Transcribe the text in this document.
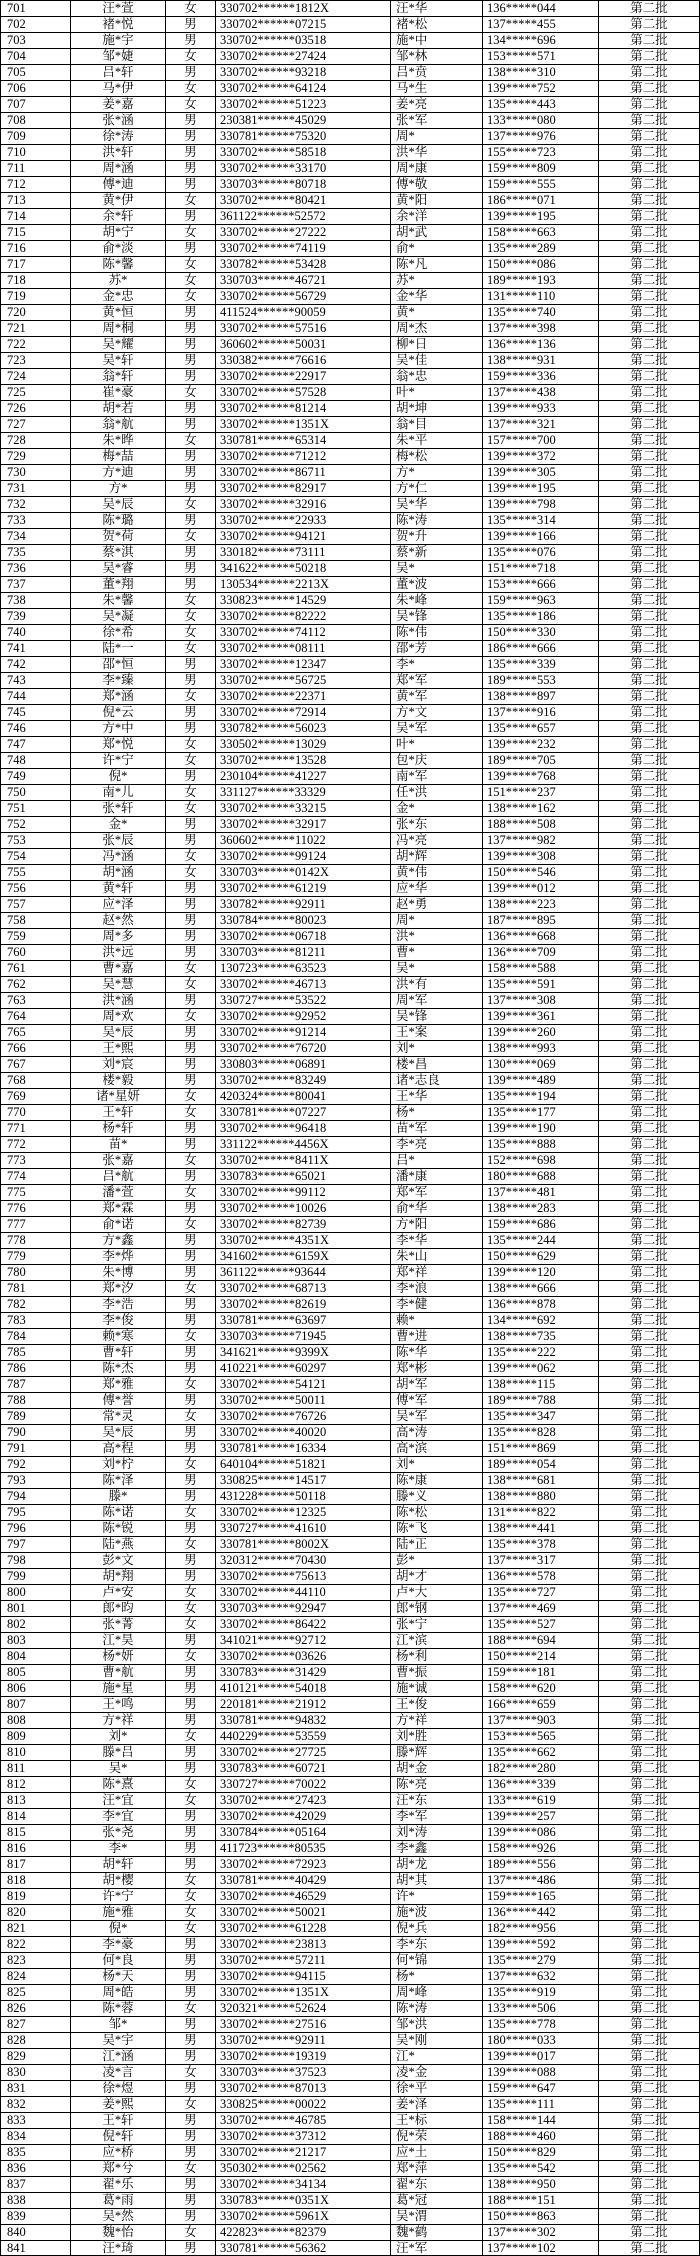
701	汪*萱	女	330702******1812X	汪*华	136*****044	第二批
702	褚*悦	男	330702******07215	褚*松	137*****455	第二批
703	施*宇	男	330702******03518	施*中	134*****696	第二批
704	邹*婕	女	330702******27424	邹*林	153*****571	第二批
705	吕*轩	男	330702******93218	吕*贲	138*****310	第二批
706	马*伊	女	330702******64124	马*生	139*****752	第二批
707	姜*嘉	女	330702******51223	姜*亮	135*****443	第二批
708	张*涵	男	230381******45029	张*军	133*****080	第二批
709	徐*涛	男	330781******75320	周*	137*****976	第二批
710	洪*轩	男	330702******58518	洪*华	155*****723	第二批
711	周*涵	男	330702******33170	周*康	159*****809	第二批
712	傅*迪	男	330703******80718	傅*敬	159*****555	第二批
713	黄*伊	女	330702******80421	黄*阳	186*****071	第二批
714	余*轩	男	361122******52572	余*洋	139*****195	第二批
715	胡*宁	女	330702******27222	胡*武	158*****663	第二批
716	俞*淡	男	330702******74119	俞*	135*****289	第二批
717	陈*馨	女	330782******53428	陈*凡	150*****086	第二批
718	苏*	女	330703******46721	苏*	189*****193	第二批
719	金*忠	女	330702******56729	金*华	131*****110	第二批
720	黄*恒	男	411524******90059	黄*	135*****740	第二批
721	周*桐	男	330702******57516	周*杰	137*****398	第二批
722	吴*耀	男	360602******50031	柳*日	136*****136	第二批
723	吴*轩	男	330382******76616	吴*佳	138*****931	第二批
724	翁*轩	男	330702******22917	翁*忠	159*****336	第二批
725	崔*豪	女	330702******57528	叶*	137*****438	第二批
726	胡*若	男	330702******81214	胡*坤	139*****933	第二批
727	翁*航	男	330702******1351X	翁*目	137*****321	第二批
728	朱*晔	女	330781******65314	朱*平	157*****700	第二批
729	梅*喆	男	330702******71212	梅*松	139*****372	第二批
730	方*迪	男	330702******86711	方*	139*****305	第二批
731	方*	男	330702******82917	方*仁	139*****195	第二批
732	吴*辰	女	330702******32916	吴*华	139*****798	第二批
733	陈*璐	男	330702******22933	陈*涛	135*****314	第二批
734	贺*荷	女	330702******94121	贺*升	139*****166	第二批
735	蔡*淇	男	330182******73111	蔡*新	135*****076	第二批
736	吴*睿	男	341622******50218	吴*	151*****718	第二批
737	董*翔	男	130534******2213X	董*波	153*****666	第二批
738	朱*馨	女	330823******14529	朱*峰	159*****963	第二批
739	吴*凝	女	330702******82222	吴*锋	135*****186	第二批
740	徐*希	女	330702******74112	陈*伟	150*****330	第二批
741	陆*一	女	330702******08111	邵*芳	186*****666	第二批
742	邵*恒	男	330702******12347	李*	135*****339	第二批
743	李*臻	男	330702******56725	郑*军	189*****553	第二批
744	郑*涵	女	330702******22371	黄*军	138*****897	第二批
745	倪*云	男	330702******72914	方*文	137*****916	第二批
746	方*中	男	330782******56023	吴*军	135*****657	第二批
747	郑*悦	女	330502******13029	叶*	139*****232	第二批
748	许*宁	女	330702******13528	包*庆	189*****705	第二批
749	倪*	男	230104******41227	南*军	139*****768	第二批
750	南*儿	女	331127******33329	任*洪	151*****237	第二批
751	张*轩	女	330702******33215	金*	138*****162	第二批
752	金*	男	330702******32917	张*东	188*****508	第二批
753	张*辰	男	360602******11022	冯*亮	137*****982	第二批
754	冯*涵	女	330702******99124	胡*辉	139*****308	第二批
755	胡*涵	女	330703******0142X	黄*伟	150*****546	第二批
756	黄*轩	男	330702******61219	应*华	139*****012	第二批
757	应*泽	男	330782******92911	赵*勇	138*****223	第二批
758	赵*然	男	330784******80023	周*	187*****895	第二批
759	周*多	男	330702******06718	洪*	136*****668	第二批
760	洪*远	男	330703******81211	曹*	136*****709	第二批
761	曹*嘉	女	130723******63523	吴*	158*****588	第二批
762	吴*慧	女	330702******46713	洪*有	135*****591	第二批
763	洪*涵	男	330727******53522	周*军	137*****308	第二批
764	周*欢	女	330702******92952	吴*锋	139*****361	第二批
765	吴*辰	男	330702******91214	王*案	139*****260	第二批
766	王*熙	男	330702******76720	刘*	138*****993	第二批
767	刘*宸	男	330803******06891	楼*昌	130*****069	第二批
768	楼*毅	男	330702******83249	诸*志良	139*****489	第二批
769	诸*星妍	女	420324******80041	王*华	135*****194	第二批
770	王*轩	女	330781******07227	杨*	135*****177	第二批
771	杨*轩	男	330702******96418	苗*军	139*****190	第二批
772	苗*	男	331122******4456X	李*亮	135*****888	第二批
773	张*嘉	女	330702******8411X	吕*	152*****698	第二批
774	吕*航	男	330783******65021	潘*康	180*****688	第二批
775	潘*萱	女	330702******99112	郑*军	137*****481	第二批
776	郑*霖	男	330702******10026	俞*华	138*****283	第二批
777	俞*诺	女	330702******82739	方*阳	159*****686	第二批
778	方*鑫	男	330702******4351X	李*华	135*****244	第二批
779	李*烨	男	341602******6159X	朱*山	150*****629	第二批
780	朱*博	男	361122******93644	郑*祥	139*****120	第二批
781	郑*汐	女	330702******68713	李*浪	138*****666	第二批
782	李*浩	男	330702******82619	李*健	136*****878	第二批
783	李*俊	男	330781******63697	赖*	134*****692	第二批
784	赖*寒	女	330703******71945	曹*进	138*****735	第二批
785	曹*轩	男	341621******9399X	陈*华	135*****222	第二批
786	陈*杰	男	410221******60297	郑*彬	139*****062	第二批
787	郑*雅	女	330702******54121	胡*军	138*****115	第二批
788	傅*誉	男	330702******50011	傅*军	189*****788	第二批
789	常*灵	女	330702******76726	吴*军	135*****347	第二批
790	吴*辰	男	330702******40020	高*涛	135*****828	第二批
791	高*程	男	330781******16334	高*滨	151*****869	第二批
792	刘*柠	女	640104******51821	刘*	189*****054	第二批
793	陈*泽	男	330825******14517	陈*康	138*****681	第二批
794	滕*	男	431228******50118	滕*义	138*****880	第二批
795	陈*诺	女	330702******12325	陈*松	131*****822	第二批
796	陈*锐	男	330727******41610	陈*飞	138*****441	第二批
797	陆*燕	女	330781******8002X	陆*正	135*****378	第二批
798	彭*文	男	320312******70430	彭*	137*****317	第二批
799	胡*翔	男	330702******75613	胡*才	136*****578	第二批
800	卢*安	女	330702******44110	卢*大	135*****727	第二批
801	郎*昀	女	330703******92947	郎*钢	137*****469	第二批
802	张*菁	女	330702******86422	张*宁	135*****527	第二批
803	江*昊	男	341021******92712	江*滨	188*****694	第二批
804	杨*妍	女	330702******03626	杨*利	150*****214	第二批
805	曹*航	男	330783******31429	曹*振	159*****181	第二批
806	施*星	男	410121******54018	施*诚	158*****620	第二批
807	王*鸣	男	220181******21912	王*俊	166*****659	第二批
808	方*祥	男	330781******94832	方*祥	137*****903	第二批
809	刘*	女	440229******53559	刘*胜	153*****565	第二批
810	滕*吕	男	330702******27725	滕*辉	135*****662	第二批
811	吴*	男	330783******60721	胡*金	182*****280	第二批
812	陈*熹	女	330727******70022	陈*亮	136*****339	第二批
813	汪*宜	女	330702******27423	汪*东	133*****619	第二批
814	李*宜	男	330702******42029	李*军	139*****257	第二批
815	张*尧	男	330784******05164	刘*涛	139*****086	第二批
816	李*	男	411723******80535	李*鑫	158*****926	第二批
817	胡*轩	男	330702******72923	胡*龙	189*****556	第二批
818	胡*樱	女	330781******40429	胡*其	137*****486	第二批
819	许*宁	女	330702******46529	许*	159*****165	第二批
820	施*雅	女	330702******50021	施*波	136*****442	第二批
821	倪*	女	330702******61228	倪*兵	182*****956	第二批
822	李*豪	男	330702******23813	李*东	139*****592	第二批
823	何*良	男	330702******57211	何*锦	135*****279	第二批
824	杨*天	男	330702******94115	杨*	137*****632	第二批
825	周*皓	男	330702******1351X	周*峰	135*****919	第二批
826	陈*蓉	女	320321******52624	陈*涛	133*****506	第二批
827	邹*	男	330702******27516	邹*洪	135*****778	第二批
828	吴*宇	男	330702******92911	吴*刚	180*****033	第二批
829	江*涵	男	330702******19319	江*	139*****017	第二批
830	凌*言	女	330703******37523	凌*金	139*****088	第二批
831	徐*煜	男	330702******87013	徐*平	159*****647	第二批
832	姜*熙	女	330825******00022	姜*泽	135*****111	第二批
833	王*轩	男	330702******46785	王*标	158*****144	第二批
834	倪*轩	男	330702******37312	倪*荣	188*****460	第二批
835	应*桥	男	330702******21217	应*土	150*****829	第二批
836	郑*兮	女	350302******02562	郑*萍	135*****542	第二批
837	翟*乐	男	330702******34134	翟*东	138*****950	第二批
838	葛*雨	男	330783******0351X	葛*冠	188*****151	第二批
839	吴*然	男	330702******5961X	吴*渭	150*****863	第二批
840	魏*怡	女	422823******82379	魏*鹤	137*****302	第二批
841	汪*琦	男	330781******56362	汪*军	137*****102	第二批
